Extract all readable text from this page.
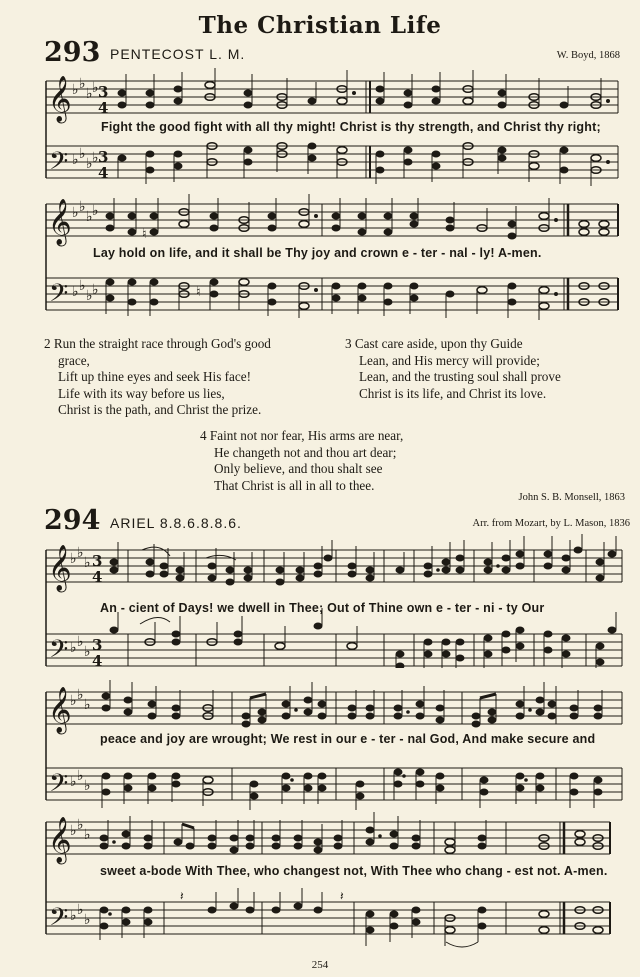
The Christian Life
293 PENTECOST L. M.	W. Boyd, 1868
𝄞
𝄢
♭ ♭
♭ ♭
♭ ♭
♭ ♭
3
4
3
4
Fight the good fight with all thy might! Christ is thy strength, and Christ thy right;
𝄞
𝄢
♭ ♭
♭ ♭
♭ ♭
♭ ♭
♮
♮
Lay hold on life, and it shall be Thy joy and crown e - ter - nal - ly! A-men.
2 Run the straight race through God's good
grace,
Lift up thine eyes and seek His face!
Life with its way before us lies,
Christ is the path, and Christ the prize.
3 Cast care aside, upon thy Guide
Lean, and His mercy will provide;
Lean, and the trusting soul shall prove
Christ is its life, and Christ its love.
4 Faint not nor fear, His arms are near,
He changeth not and thou art dear;
Only believe, and thou shalt see
That Christ is all in all to thee.
John S. B. Monsell, 1863
294 ARIEL 8.8.6.8.8.6.	Arr. from Mozart, by L. Mason, 1836
𝄞
𝄢
♭ ♭
♭
♭ ♭
♭
3
4
3
4
An - cient of Days! we dwell in Thee; Out of Thine own e - ter - ni - ty Our
𝄞
𝄢
♭ ♭
♭
♭ ♭
♭
peace and joy are wrought; We rest in our e - ter - nal God, And make secure and
𝄞
𝄢
♭ ♭
♭
♭ ♭
♭
𝄽	𝄽
sweet a-bode With Thee, who changest not, With Thee who chang - est not. A-men.
254
